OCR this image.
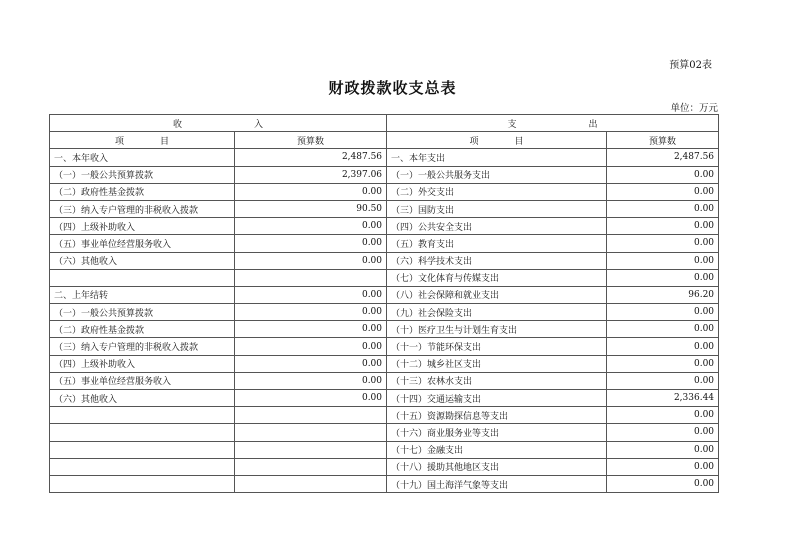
预算02表
财政拨款收支总表
单位：万元
收　　　　　　　　入		支　　　　　　　　出	
项　　　　目	预算数	项　　　　目	预算数
一、本年收入	2,487.56	一、本年支出	2,487.56
（一）一般公共预算拨款	2,397.06	（一）一般公共服务支出	0.00
（二）政府性基金拨款	0.00	（二）外交支出	0.00
（三）纳入专户管理的非税收入拨款	90.50	（三）国防支出	0.00
（四）上级补助收入	0.00	（四）公共安全支出	0.00
（五）事业单位经营服务收入	0.00	（五）教育支出	0.00
（六）其他收入	0.00	（六）科学技术支出	0.00
		（七）文化体育与传媒支出	0.00
二、上年结转	0.00	（八）社会保障和就业支出	96.20
（一）一般公共预算拨款	0.00	（九）社会保险支出	0.00
（二）政府性基金拨款	0.00	（十）医疗卫生与计划生育支出	0.00
（三）纳入专户管理的非税收入拨款	0.00	（十一）节能环保支出	0.00
（四）上级补助收入	0.00	（十二）城乡社区支出	0.00
（五）事业单位经营服务收入	0.00	（十三）农林水支出	0.00
（六）其他收入	0.00	（十四）交通运输支出	2,336.44
		（十五）资源勘探信息等支出	0.00
		（十六）商业服务业等支出	0.00
		（十七）金融支出	0.00
		（十八）援助其他地区支出	0.00
		（十九）国土海洋气象等支出	0.00
